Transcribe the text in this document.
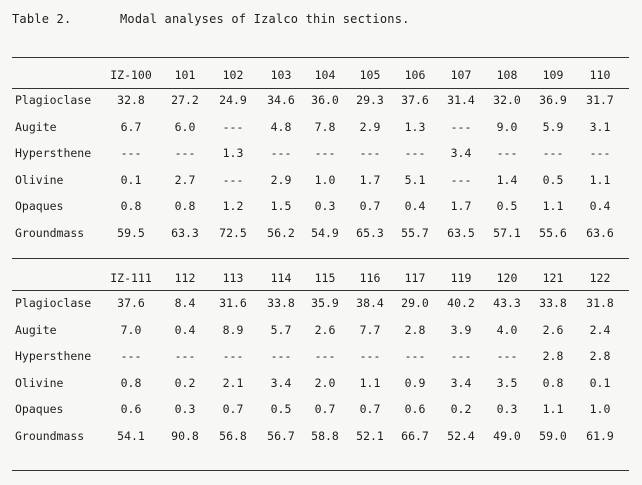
Table 2.	Modal analyses of Izalco thin sections.
IZ-100 101 102 103 104 105 106 107 108 109 110
Plagioclase 32.8 27.2 24.9 34.6 36.0 29.3 37.6 31.4 32.0 36.9 31.7
Augite	6.7	6.0 --- 4.8 7.8 2.9 1.3 --- 9.0 5.9 3.1
Hypersthene	---	--- 1.3 --- --- --- --- 3.4 --- --- ---
Olivine	0.1	2.7 --- 2.9 1.0 1.7 5.1 --- 1.4 0.5 1.1
Opaques	0.8	0.8 1.2 1.5 0.3 0.7 0.4 1.7 0.5 1.1 0.4
Groundmass	59.5 63.3 72.5 56.2 54.9 65.3 55.7 63.5 57.1 55.6 63.6
IZ-111 112 113 114 115 116 117 119 120 121 122
Plagioclase 37.6	8.4 31.6 33.8 35.9 38.4 29.0 40.2 43.3 33.8 31.8
Augite	7.0	0.4 8.9 5.7 2.6 7.7 2.8 3.9 4.0 2.6 2.4
Hypersthene	---	--- --- --- --- --- --- --- --- 2.8 2.8
Olivine	0.8	0.2 2.1 3.4 2.0 1.1 0.9 3.4 3.5 0.8 0.1
Opaques	0.6	0.3 0.7 0.5 0.7 0.7 0.6 0.2 0.3 1.1 1.0
Groundmass	54.1 90.8 56.8 56.7 58.8 52.1 66.7 52.4 49.0 59.0 61.9
